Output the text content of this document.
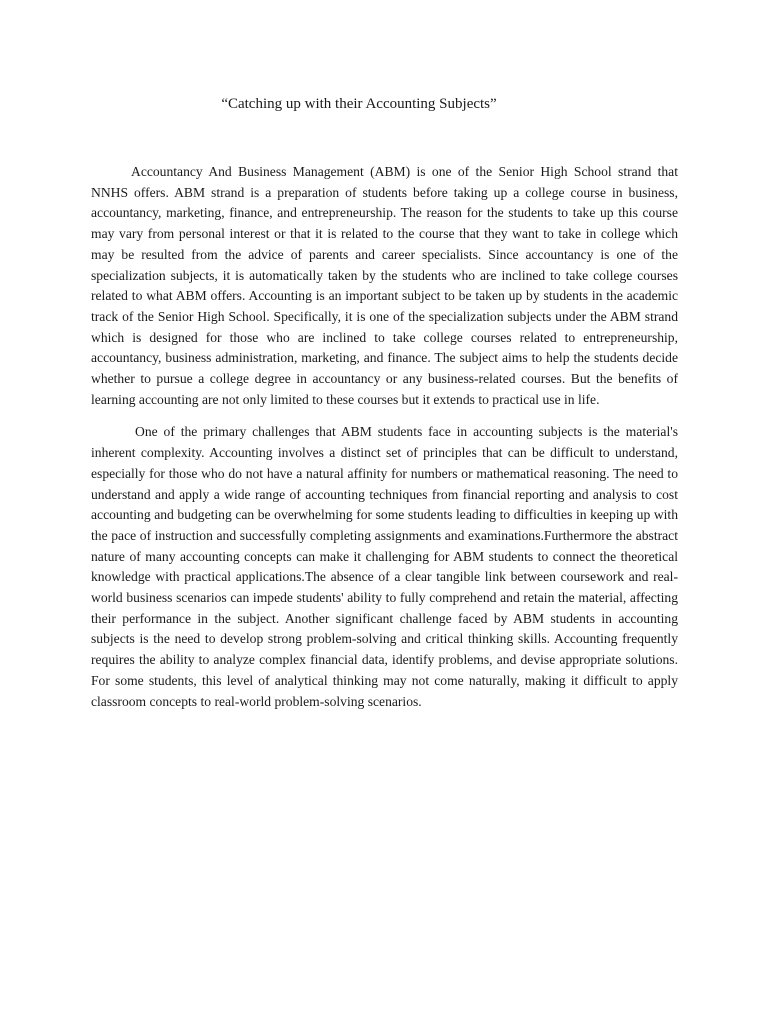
“Catching up with their Accounting Subjects”

Accountancy And Business Management (ABM) is one of the Senior High School strand that NNHS offers. ABM strand is a preparation of students before taking up a college course in business, accountancy, marketing, finance, and entrepreneurship. The reason for the students to take up this course may vary from personal interest or that it is related to the course that they want to take in college which may be resulted from the advice of parents and career specialists. Since accountancy is one of the specialization subjects, it is automatically taken by the students who are inclined to take college courses related to what ABM offers. Accounting is an important subject to be taken up by students in the academic track of the Senior High School. Specifically, it is one of the specialization subjects under the ABM strand which is designed for those who are inclined to take college courses related to entrepreneurship, accountancy, business administration, marketing, and finance. The subject aims to help the students decide whether to pursue a college degree in accountancy or any business-related courses. But the benefits of learning accounting are not only limited to these courses but it extends to practical use in life.

One of the primary challenges that ABM students face in accounting subjects is the material's inherent complexity. Accounting involves a distinct set of principles that can be difficult to understand, especially for those who do not have a natural affinity for numbers or mathematical reasoning. The need to understand and apply a wide range of accounting techniques from financial reporting and analysis to cost accounting and budgeting can be overwhelming for some students leading to difficulties in keeping up with the pace of instruction and successfully completing assignments and examinations.Furthermore the abstract nature of many accounting concepts can make it challenging for ABM students to connect the theoretical knowledge with practical applications.The absence of a clear tangible link between coursework and real-world business scenarios can impede students' ability to fully comprehend and retain the material, affecting their performance in the subject. Another significant challenge faced by ABM students in accounting subjects is the need to develop strong problem-solving and critical thinking skills. Accounting frequently requires the ability to analyze complex financial data, identify problems, and devise appropriate solutions. For some students, this level of analytical thinking may not come naturally, making it difficult to apply classroom concepts to real-world problem-solving scenarios.
